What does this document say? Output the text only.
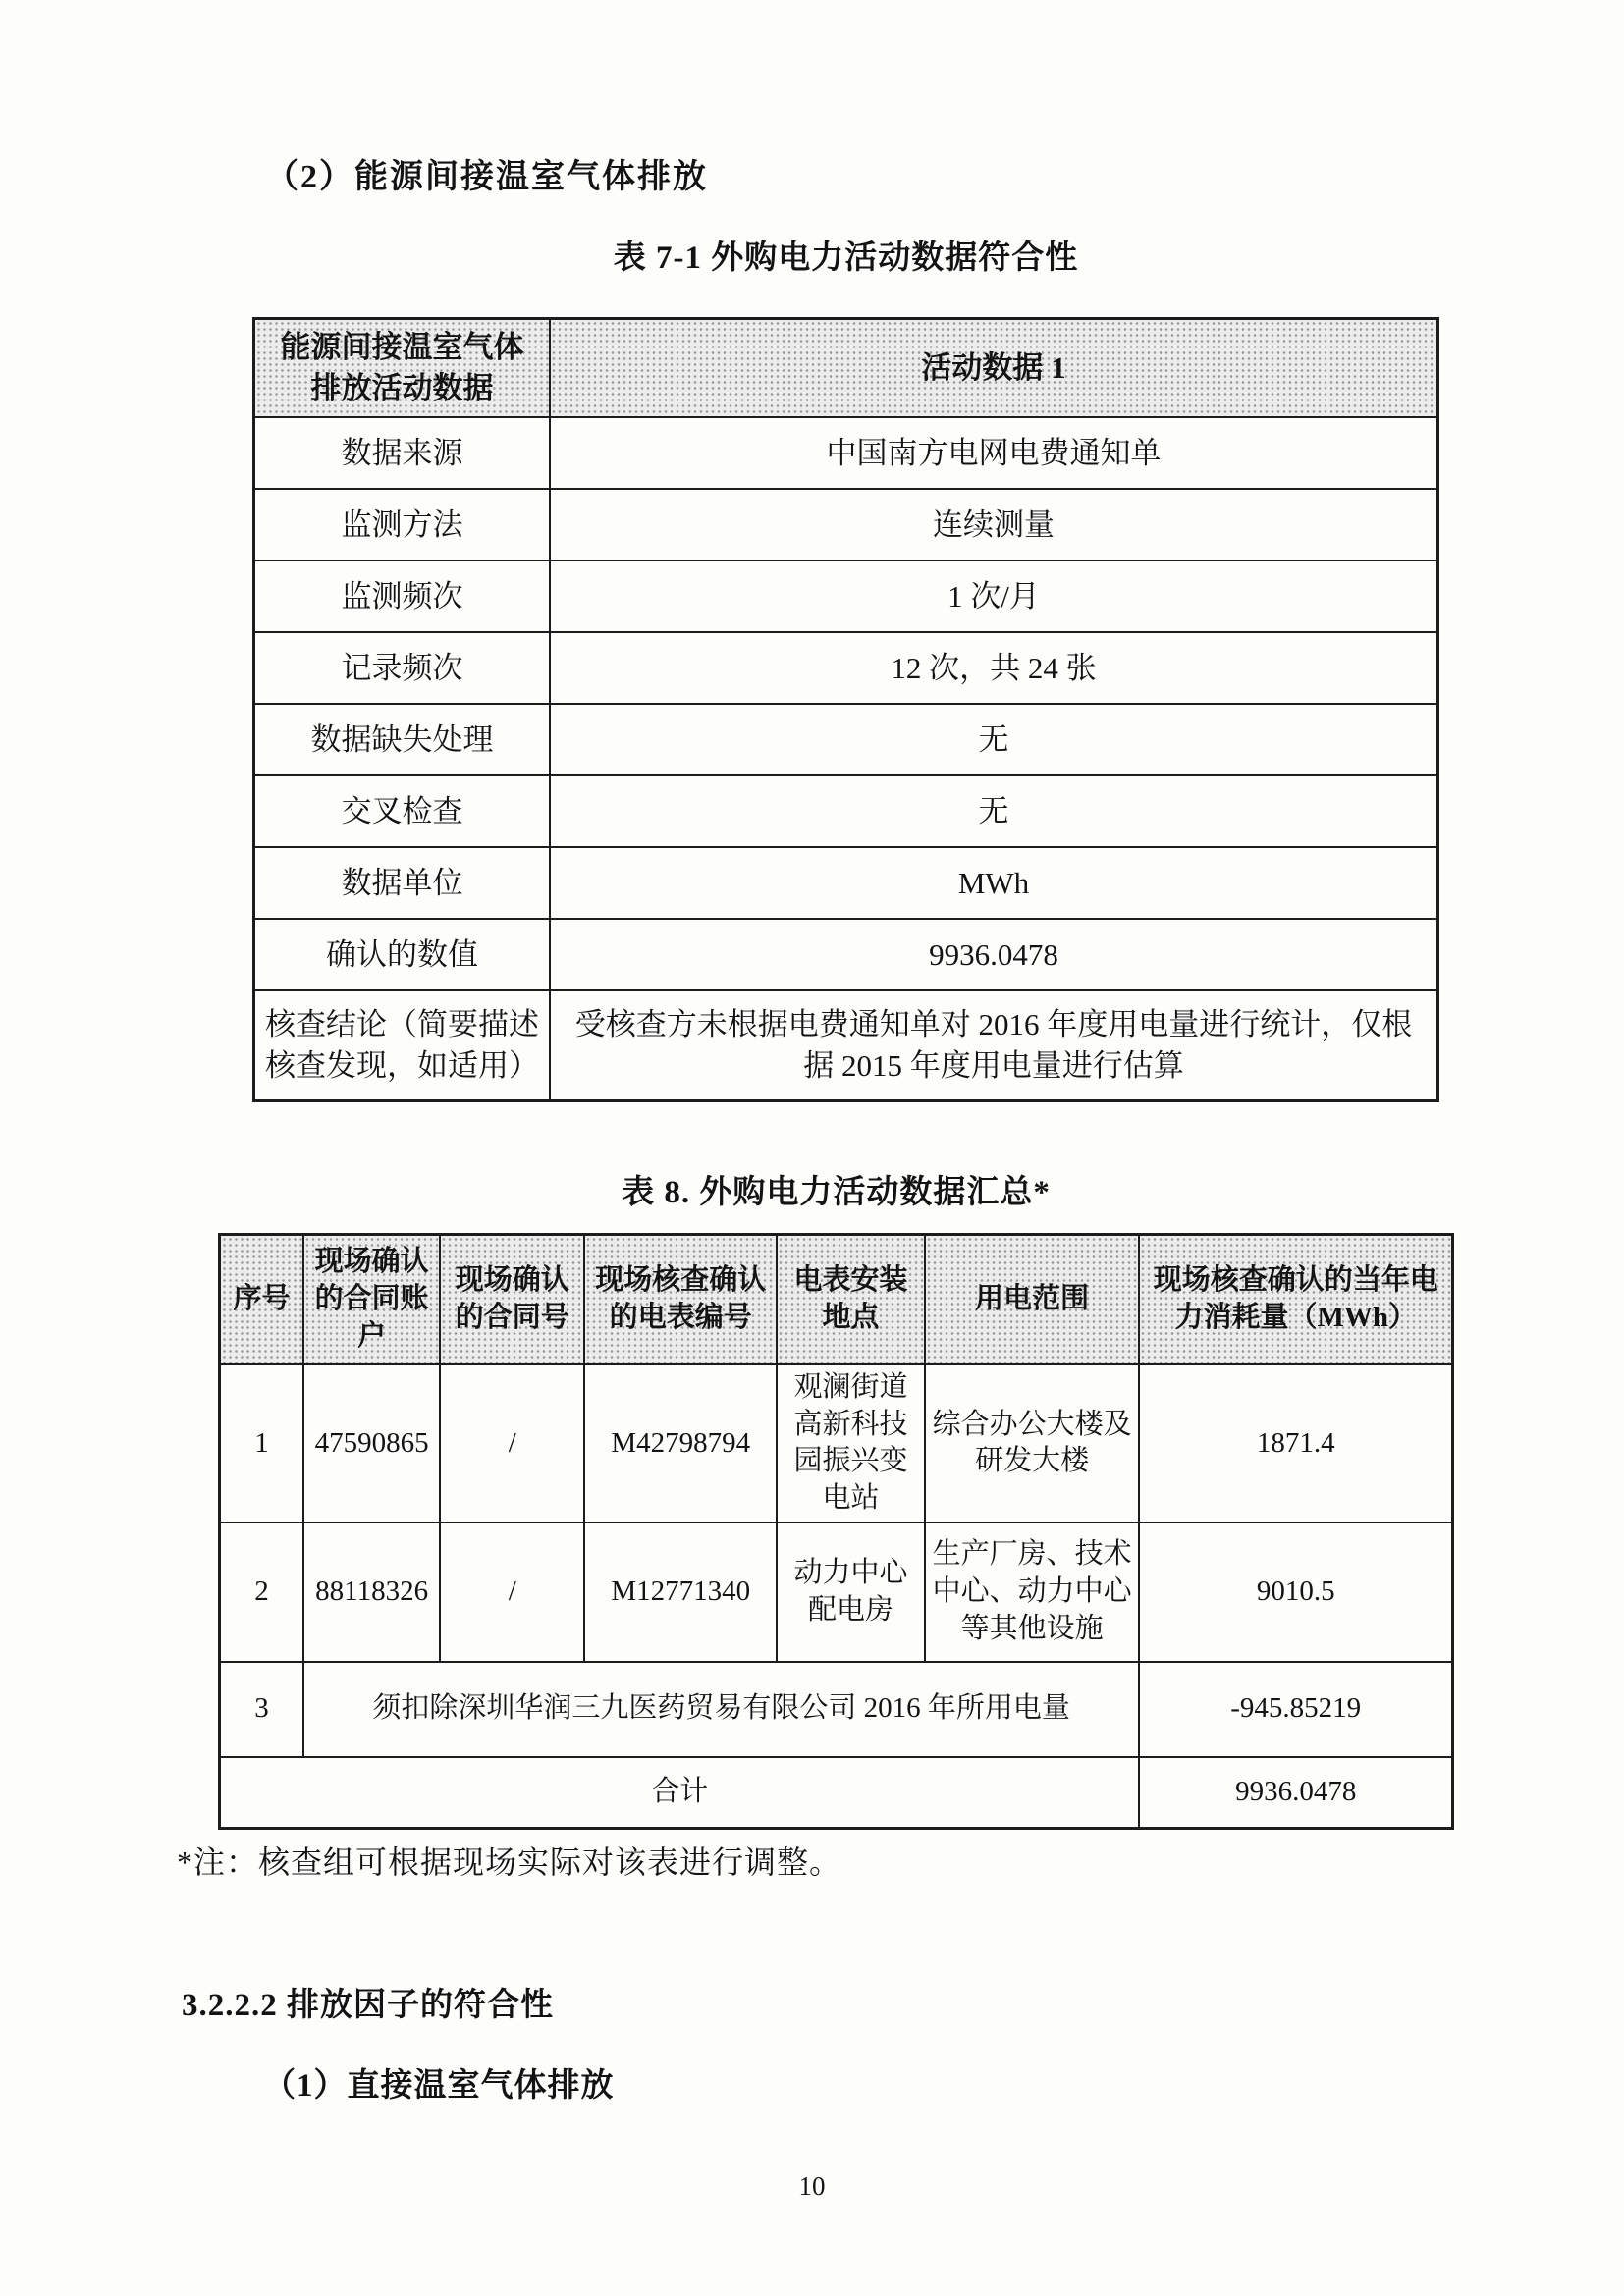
（2）能源间接温室气体排放
表 7-1 外购电力活动数据符合性
能源间接温室气体 排放活动数据	活动数据 1
数据来源	中国南方电网电费通知单
监测方法	连续测量
监测频次	1 次/月
记录频次	12 次，共 24 张
数据缺失处理	无
交叉检查	无
数据单位	MWh
确认的数值	9936.0478
核查结论（简要描述核查发现，如适用）	受核查方未根据电费通知单对 2016 年度用电量进行统计，仅根据 2015 年度用电量进行估算
表 8. 外购电力活动数据汇总*
序号	现场确认的合同账户	现场确认的合同号	现场核查确认的电表编号	电表安装地点	用电范围	现场核查确认的当年电力消耗量（MWh）
1	47590865	/	M42798794	观澜街道高新科技园振兴变电站	综合办公大楼及研发大楼	1871.4
2	88118326	/	M12771340	动力中心配电房	生产厂房、技术中心、动力中心等其他设施	9010.5
3	须扣除深圳华润三九医药贸易有限公司 2016 年所用电量					-945.85219
合计						9936.0478
*注：核查组可根据现场实际对该表进行调整。
3.2.2.2 排放因子的符合性
（1）直接温室气体排放
10
